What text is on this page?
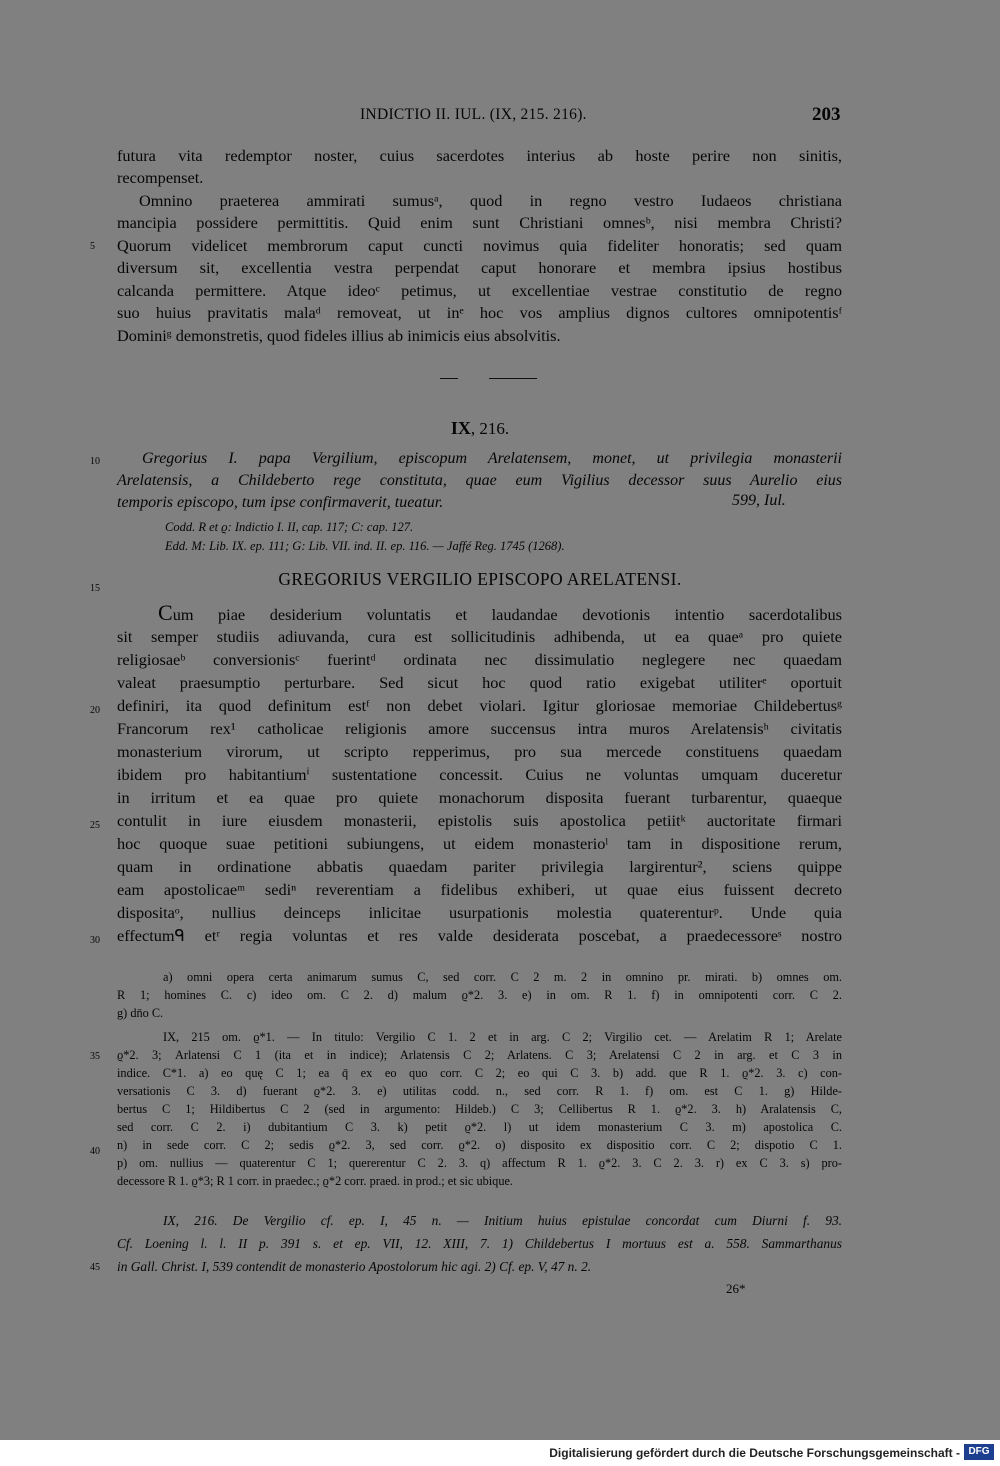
INDICTIO II. IUL. (IX, 215. 216).	203

futura vita redemptor noster, cuius sacerdotes interius ab hoste perire non sinitis,

recompenset.

Omnino praeterea ammirati sumusᵃ, quod in regno vestro Iudaeos christiana

mancipia possidere permittitis. Quid enim sunt Christiani omnesᵇ, nisi membra Christi?

Quorum videlicet membrorum caput cuncti novimus quia fideliter honoratis; sed quam

diversum sit, excellentia vestra perpendat caput honorare et membra ipsius hostibus

calcanda permittere. Atque ideoᶜ petimus, ut excellentiae vestrae constitutio de regno

suo huius pravitatis malaᵈ removeat, ut inᵉ hoc vos amplius dignos cultores omnipotentisᶠ

Dominiᵍ demonstretis, quod fideles illius ab inimicis eius absolvitis.

5
IX, 216.
10	Gregorius I. papa Vergilium, episcopum Arelatensem, monet, ut privilegia monasterii

Arelatensis, a Childeberto rege constituta, quae eum Vigilius decessor suus Aurelio eius

temporis episcopo, tum ipse confirmaverit, tueatur.	599, Iul.
Codd. R et ϱ: Indictio I. II, cap. 117; C: cap. 127.
Edd. M: Lib. IX. ep. 111; G: Lib. VII. ind. II. ep. 116. — Jaffé Reg. 1745 (1268).
15	GREGORIUS VERGILIO EPISCOPO ARELATENSI.

Cum piae desiderium voluntatis et laudandae devotionis intentio sacerdotalibus

sit semper studiis adiuvanda, cura est sollicitudinis adhibenda, ut ea quaeᵃ pro quiete

religiosaeᵇ conversionisᶜ fuerintᵈ ordinata nec dissimulatio neglegere nec quaedam

valeat praesumptio perturbare. Sed sicut hoc quod ratio exigebat utiliterᵉ oportuit

definiri, ita quod definitum estᶠ non debet violari. Igitur gloriosae memoriae Childebertusᵍ

Francorum rex¹ catholicae religionis amore succensus intra muros Arelatensisʰ civitatis

monasterium virorum, ut scripto repperimus, pro sua mercede constituens quaedam

ibidem pro habitantiumⁱ sustentatione concessit. Cuius ne voluntas umquam duceretur

in irritum et ea quae pro quiete monachorum disposita fuerant turbarentur, quaeque

contulit in iure eiusdem monasterii, epistolis suis apostolica petiitᵏ auctoritate firmari

hoc quoque suae petitioni subiungens, ut eidem monasterioˡ tam in dispositione rerum,

quam in ordinatione abbatis quaedam pariter privilegia largirentur², sciens quippe

eam apostolicaeᵐ sediⁿ reverentiam a fidelibus exhiberi, ut quae eius fuissent decreto

dispositaᵒ, nullius deinceps inlicitae usurpationis molestia quaterenturᵖ. Unde quia

effectumᑫ etʳ regia voluntas et res valde desiderata poscebat, a praedecessoreˢ nostro

20
25
30

a) omni opera certa animarum sumus C, sed corr. C 2 m. 2 in omnino pr. mirati. b) omnes om.

R 1; homines C. c) ideo om. C 2. d) malum ϱ*2. 3. e) in om. R 1. f) in omnipotenti corr. C 2.

g) dn̄o C.

IX, 215 om. ϱ*1. — In titulo: Vergilio C 1. 2 et in arg. C 2; Virgilio cet. — Arelatim R 1; Arelate

ϱ*2. 3; Arlatensi C 1 (ita et in indice); Arlatensis C 2; Arlatens. C 3; Arelatensi C 2 in arg. et C 3 in

indice. C*1. a) eo quę C 1; ea q̄ ex eo quo corr. C 2; eo qui C 3. b) add. que R 1. ϱ*2. 3. c) con-

versationis C 3. d) fuerant ϱ*2. 3. e) utilitas codd. n., sed corr. R 1. f) om. est C 1. g) Hilde-

bertus C 1; Hildibertus C 2 (sed in argumento: Hildeb.) C 3; Cellibertus R 1. ϱ*2. 3. h) Aralatensis C,

sed corr. C 2. i) dubitantium C 3. k) petit ϱ*2. l) ut idem monasterium C 3. m) apostolica C.

n) in sede corr. C 2; sedis ϱ*2. 3, sed corr. ϱ*2. o) disposito ex dispositio corr. C 2; dispotio C 1.

p) om. nullius — quaterentur C 1; quererentur C 2. 3. q) affectum R 1. ϱ*2. 3. C 2. 3. r) ex C 3. s) pro-

decessore R 1. ϱ*3; R 1 corr. in praedec.; ϱ*2 corr. praed. in prod.; et sic ubique.

35
40

IX, 216. De Vergilio cf. ep. I, 45 n. — Initium huius epistulae concordat cum Diurni f. 93.

Cf. Loening l. l. II p. 391 s. et ep. VII, 12. XIII, 7. 1) Childebertus I mortuus est a. 558. Sammarthanus

in Gall. Christ. I, 539 contendit de monasterio Apostolorum hic agi. 2) Cf. ep. V, 47 n. 2.

45
26*
Digitalisierung gefördert durch die Deutsche Forschungsgemeinschaft - DFG
